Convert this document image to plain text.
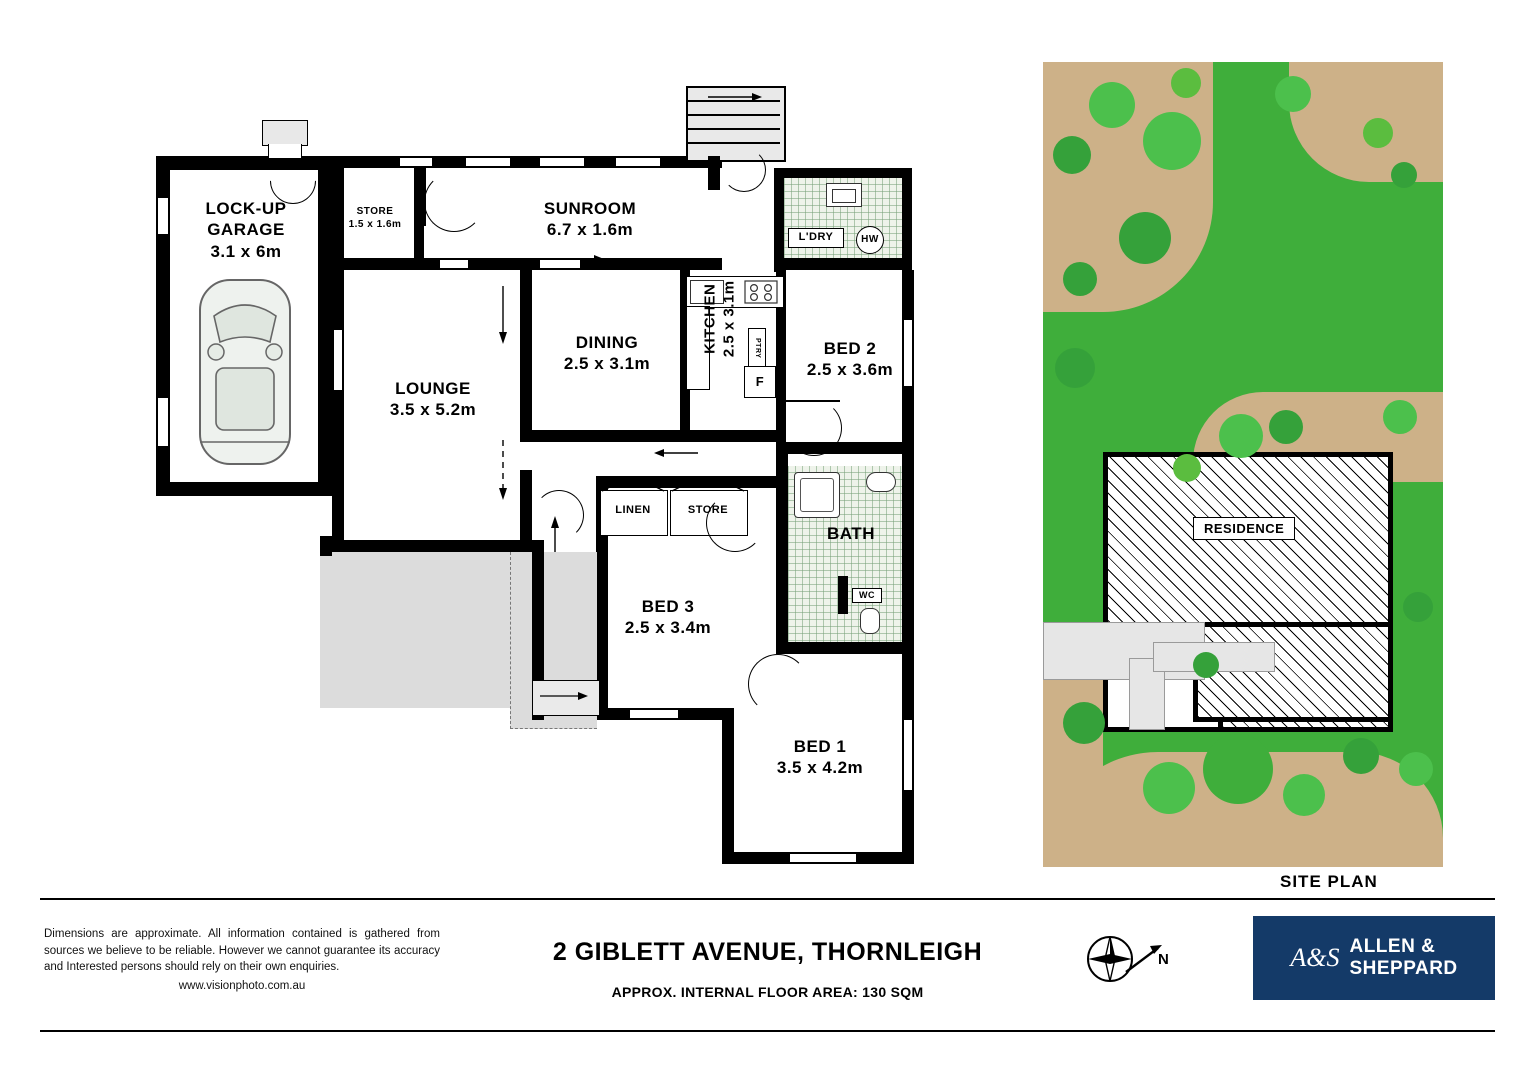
LOCK-UP
GARAGE
3.1 x 6m
STORE
1.5 x 1.6m
SUNROOM
6.7 x 1.6m	L'DRY	HW
LOUNGE
3.5 x 5.2m
DINING
2.5 x 3.1m
KITCHEN 2.5 x 3.1m	PTRY
F
BED 2
2.5 x 3.6m
BATH
WC
LINEN	STORE
BED 3
2.5 x 3.4m
BED 1
3.5 x 4.2m
RESIDENCE
SITE PLAN
Dimensions are approximate. All information contained is gathered from sources we believe to be reliable. However we cannot guarantee its accuracy and Interested persons should rely on their own enquiries.
www.visionphoto.com.au
2 GIBLETT AVENUE, THORNLEIGH
APPROX. INTERNAL FLOOR AREA: 130 SQM
N	A&S ALLEN &
SHEPPARD
